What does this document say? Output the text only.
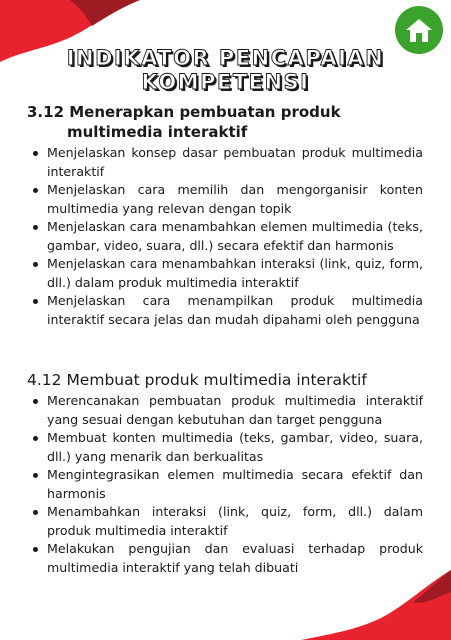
INDIKATOR PENCAPAIAN
KOMPETENSI
3.12 Menerapkan pembuatan produk
multimedia interaktif
Menjelaskan konsep dasar pembuatan produk multimedia interaktif
Menjelaskan cara memilih dan mengorganisir konten multimedia yang relevan dengan topik
Menjelaskan cara menambahkan elemen multimedia (teks, gambar, video, suara, dll.) secara efektif dan harmonis
Menjelaskan cara menambahkan interaksi (link, quiz, form, dll.) dalam produk multimedia interaktif
Menjelaskan cara menampilkan produk multimedia interaktif secara jelas dan mudah dipahami oleh pengguna
4.12 Membuat produk multimedia interaktif
Merencanakan pembuatan produk multimedia interaktif yang sesuai dengan kebutuhan dan target pengguna
Membuat konten multimedia (teks, gambar, video, suara, dll.) yang menarik dan berkualitas
Mengintegrasikan elemen multimedia secara efektif dan harmonis
Menambahkan interaksi (link, quiz, form, dll.) dalam produk multimedia interaktif
Melakukan pengujian dan evaluasi terhadap produk multimedia interaktif yang telah dibuati
